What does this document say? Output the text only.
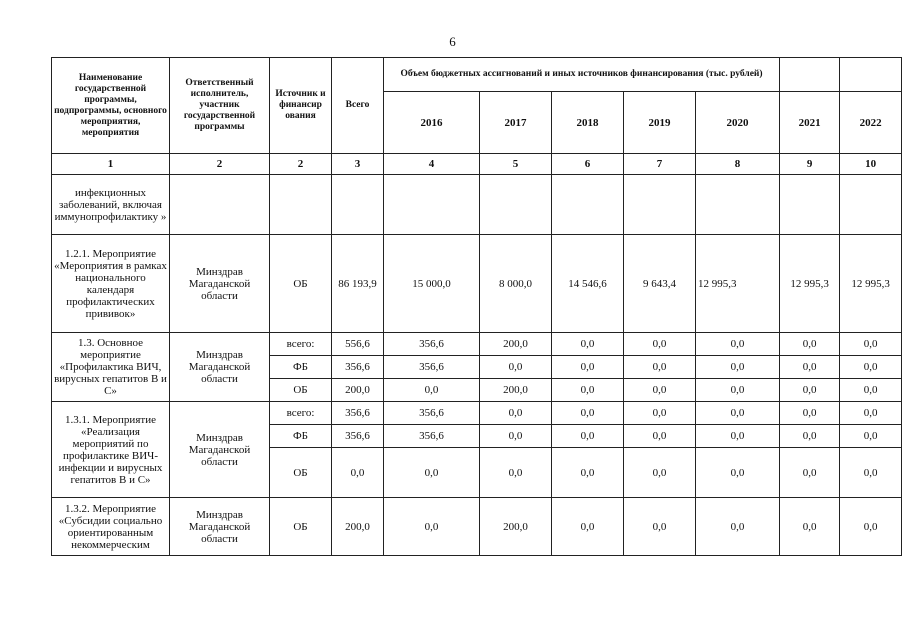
6
Наименование государственной программы, подпрограммы, основного мероприятия, мероприятия	Ответственный исполнитель, участник государственной программы	Источник и финансир ования	Всего	Объем бюджетных ассигнований и иных источников финансирования (тыс. рублей)						
				2016	2017	2018	2019	2020	2021	2022
1	2	2	3	4	5	6	7	8	9	10
инфекционных заболеваний, включая иммунопрофилактику »										
1.2.1. Мероприятие «Мероприятия в рамках национального календаря профилактических прививок»	Минздрав Магаданской области	ОБ	86 193,9	15 000,0	8 000,0	14 546,6	9 643,4	12 995,3	12 995,3	12 995,3
1.3. Основное мероприятие «Профилактика ВИЧ, вирусных гепатитов В и С»	Минздрав Магаданской области	всего:	556,6	356,6	200,0	0,0	0,0	0,0	0,0	0,0
		ФБ	356,6	356,6	0,0	0,0	0,0	0,0	0,0	0,0
		ОБ	200,0	0,0	200,0	0,0	0,0	0,0	0,0	0,0
1.3.1. Мероприятие «Реализация мероприятий по профилактике ВИЧ-инфекции и вирусных гепатитов В и С»	Минздрав Магаданской области	всего:	356,6	356,6	0,0	0,0	0,0	0,0	0,0	0,0
		ФБ	356,6	356,6	0,0	0,0	0,0	0,0	0,0	0,0
		ОБ	0,0	0,0	0,0	0,0	0,0	0,0	0,0	0,0
1.3.2. Мероприятие «Субсидии социально ориентированным некоммерческим	Минздрав Магаданской области	ОБ	200,0	0,0	200,0	0,0	0,0	0,0	0,0	0,0
